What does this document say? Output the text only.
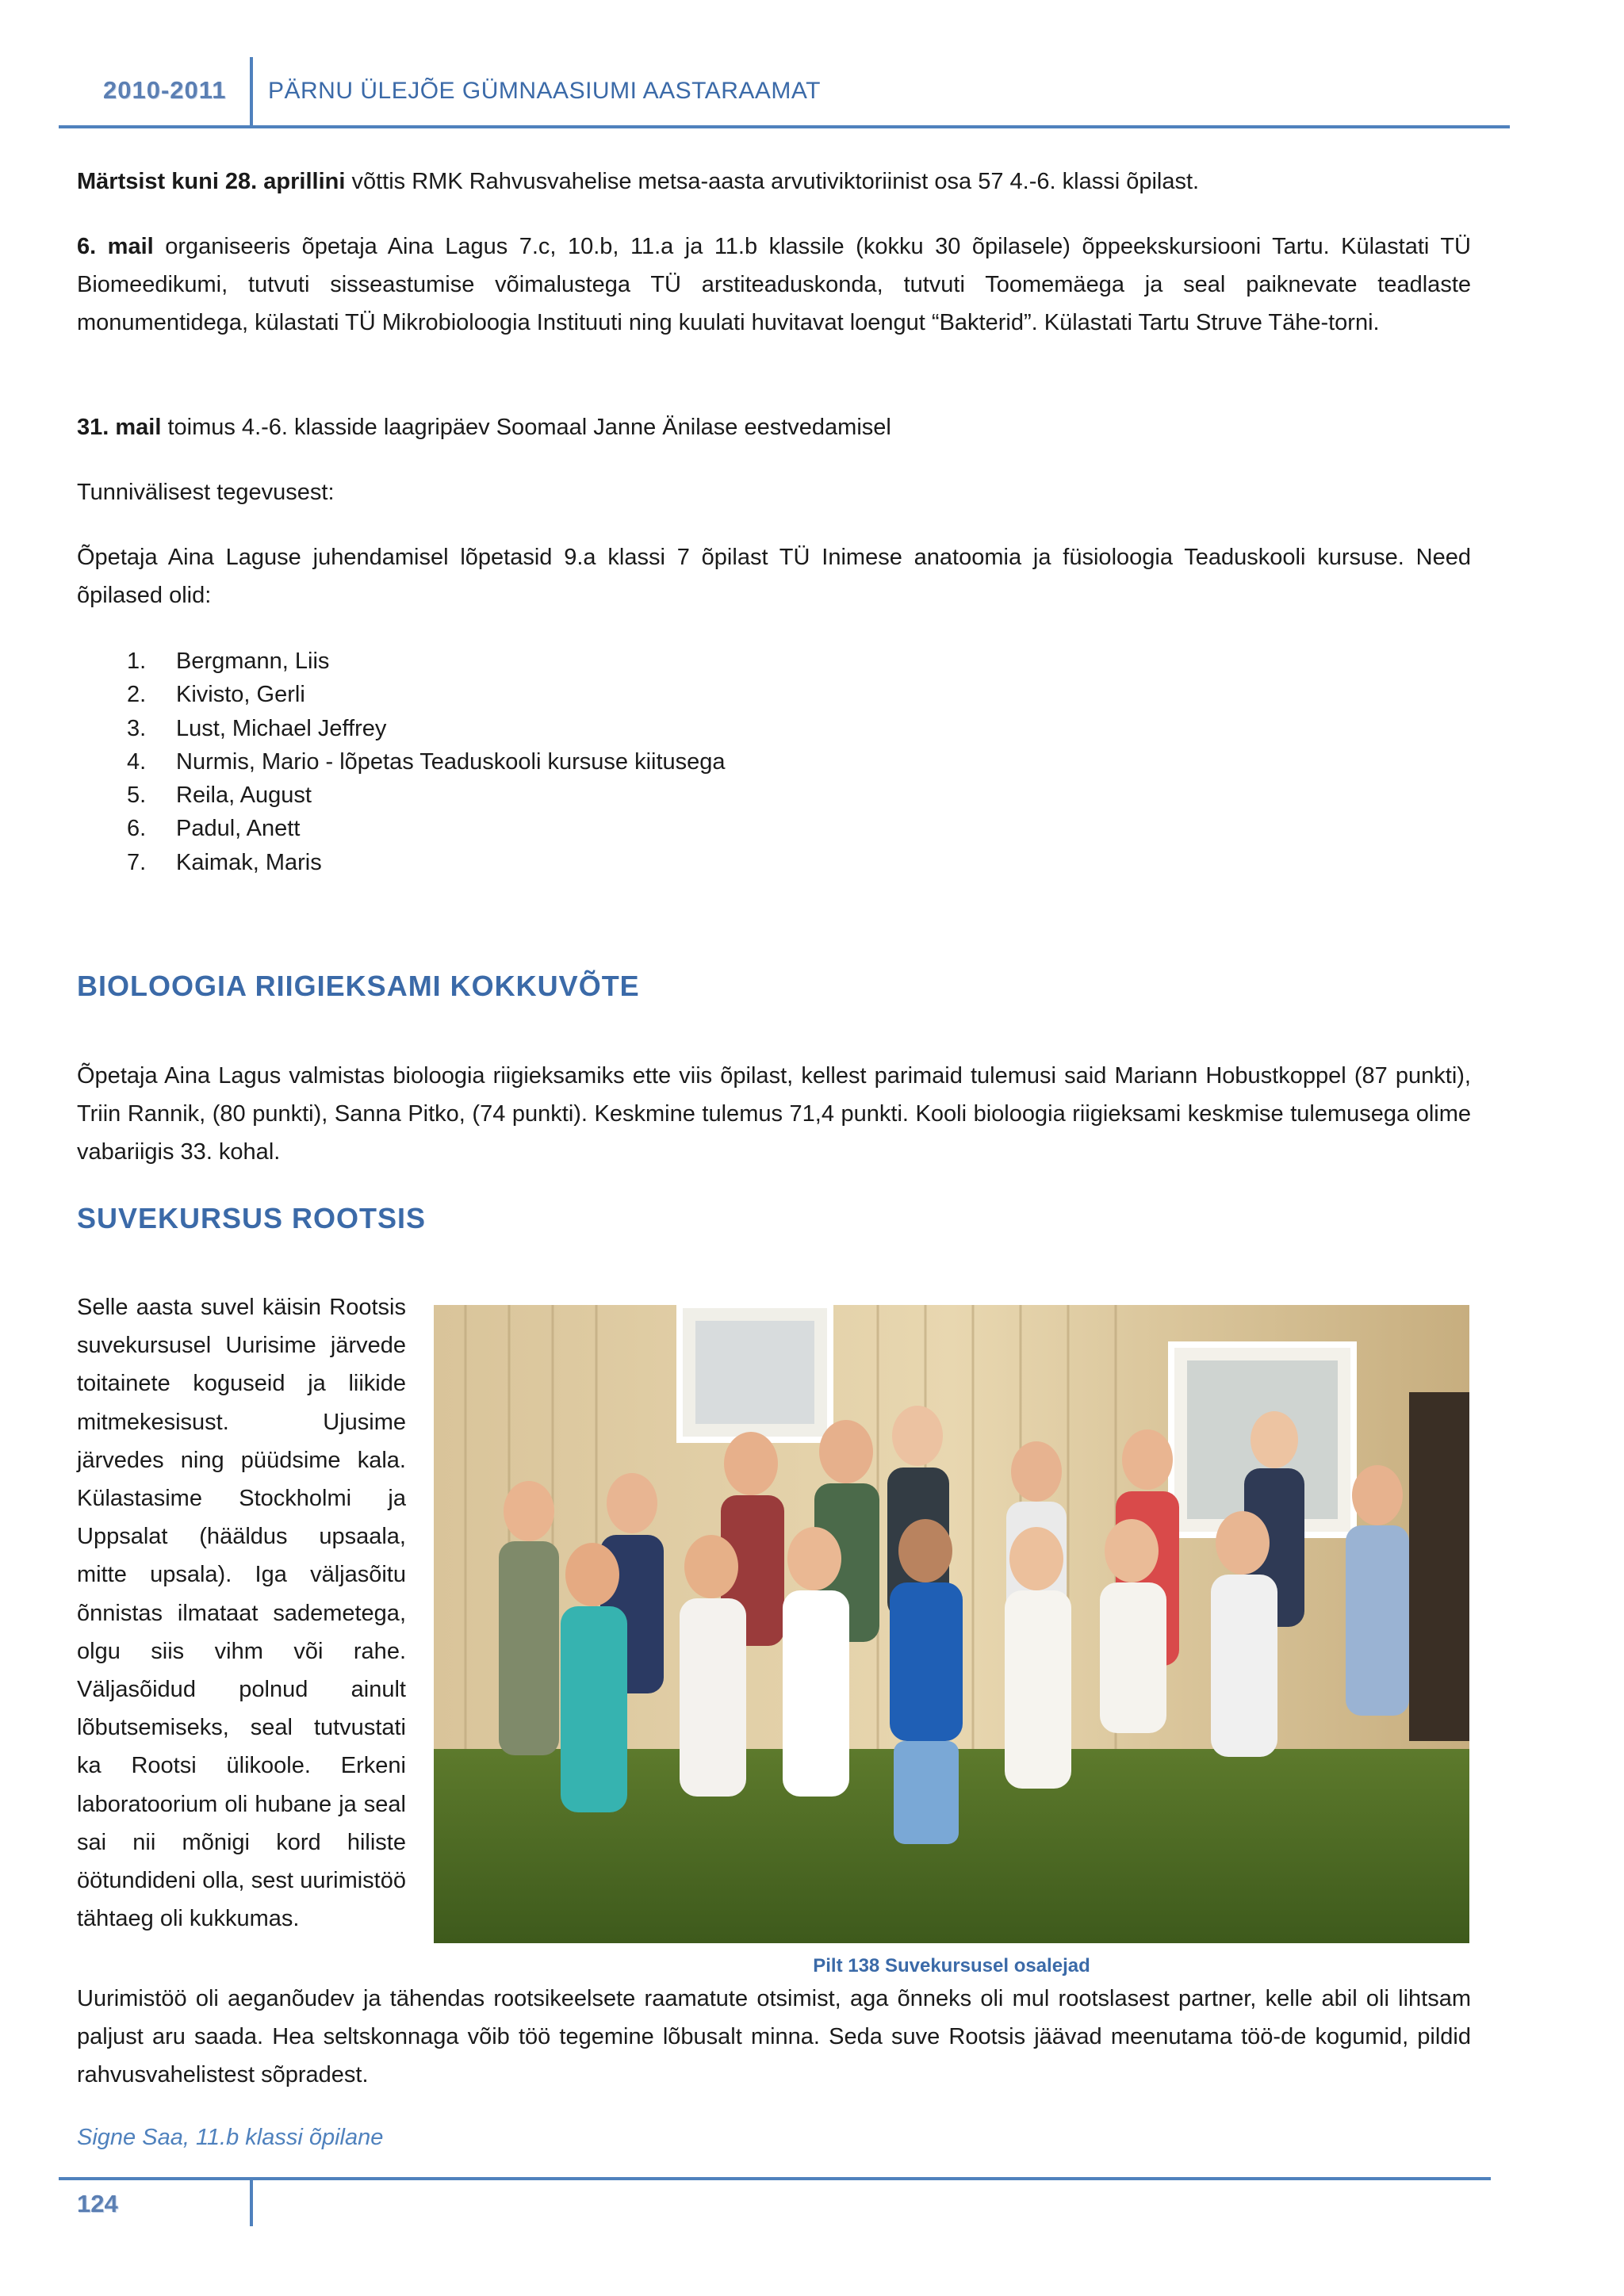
2010-2011 PÄRNU ÜLEJÕE GÜMNAASIUMI AASTARAAMAT

Märtsist kuni 28. aprillini võttis RMK Rahvusvahelise metsa-aasta arvutiviktoriinist osa 57 4.-6. klassi õpilast.

6. mail organiseeris õpetaja Aina Lagus 7.c, 10.b, 11.a ja 11.b klassile (kokku 30 õpilasele) õppeekskursiooni Tartu. Külastati TÜ Biomeedikumi, tutvuti sisseastumise võimalustega TÜ arstiteaduskonda, tutvuti Toomemäega ja seal paiknevate teadlaste monumentidega, külastati TÜ Mikrobioloogia Instituuti ning kuulati huvitavat loengut “Bakterid”. Külastati Tartu Struve Tähe-torni.

31. mail toimus 4.-6. klasside laagripäev Soomaal Janne Änilase eestvedamisel

Tunnivälisest tegevusest:

Õpetaja Aina Laguse juhendamisel lõpetasid 9.a klassi 7 õpilast TÜ Inimese anatoomia ja füsioloogia Teaduskooli kursuse. Need õpilased olid:

1.	Bergmann, Liis
2.	Kivisto, Gerli
3.	Lust, Michael Jeffrey
4.	Nurmis, Mario - lõpetas Teaduskooli kursuse kiitusega
5.	Reila, August
6.	Padul, Anett
7.	Kaimak, Maris
BIOLOOGIA RIIGIEKSAMI KOKKUVÕTE

Õpetaja Aina Lagus valmistas bioloogia riigieksamiks ette viis õpilast, kellest parimaid tulemusi said Mariann Hobustkoppel (87 punkti), Triin Rannik, (80 punkti), Sanna Pitko, (74 punkti). Keskmine tulemus 71,4 punkti. Kooli bioloogia riigieksami keskmise tulemusega olime vabariigis 33. kohal.

SUVEKURSUS ROOTSIS

Selle aasta suvel käisin Rootsis suvekursusel Uurisime järvede toitainete koguseid ja liikide mitmekesisust. Ujusime järvedes ning püüdsime kala. Külastasime Stockholmi ja Uppsalat (hääldus upsaala, mitte upsala). Iga väljasõitu õnnistas ilmataat sademetega, olgu siis vihm või rahe. Väljasõidud polnud ainult lõbutsemiseks, seal tutvustati ka Rootsi ülikoole. Erkeni laboratoorium oli hubane ja seal sai nii mõnigi kord hiliste öötundideni olla, sest uurimistöö tähtaeg oli kukkumas.

Pilt 138 Suvekursusel osalejad

Uurimistöö oli aeganõudev ja tähendas rootsikeelsete raamatute otsimist, aga õnneks oli mul rootslasest partner, kelle abil oli lihtsam paljust aru saada. Hea seltskonnaga võib töö tegemine lõbusalt minna. Seda suve Rootsis jäävad meenutama töö-de kogumid, pildid rahvusvahelistest sõpradest.

Signe Saa, 11.b klassi õpilane
124
